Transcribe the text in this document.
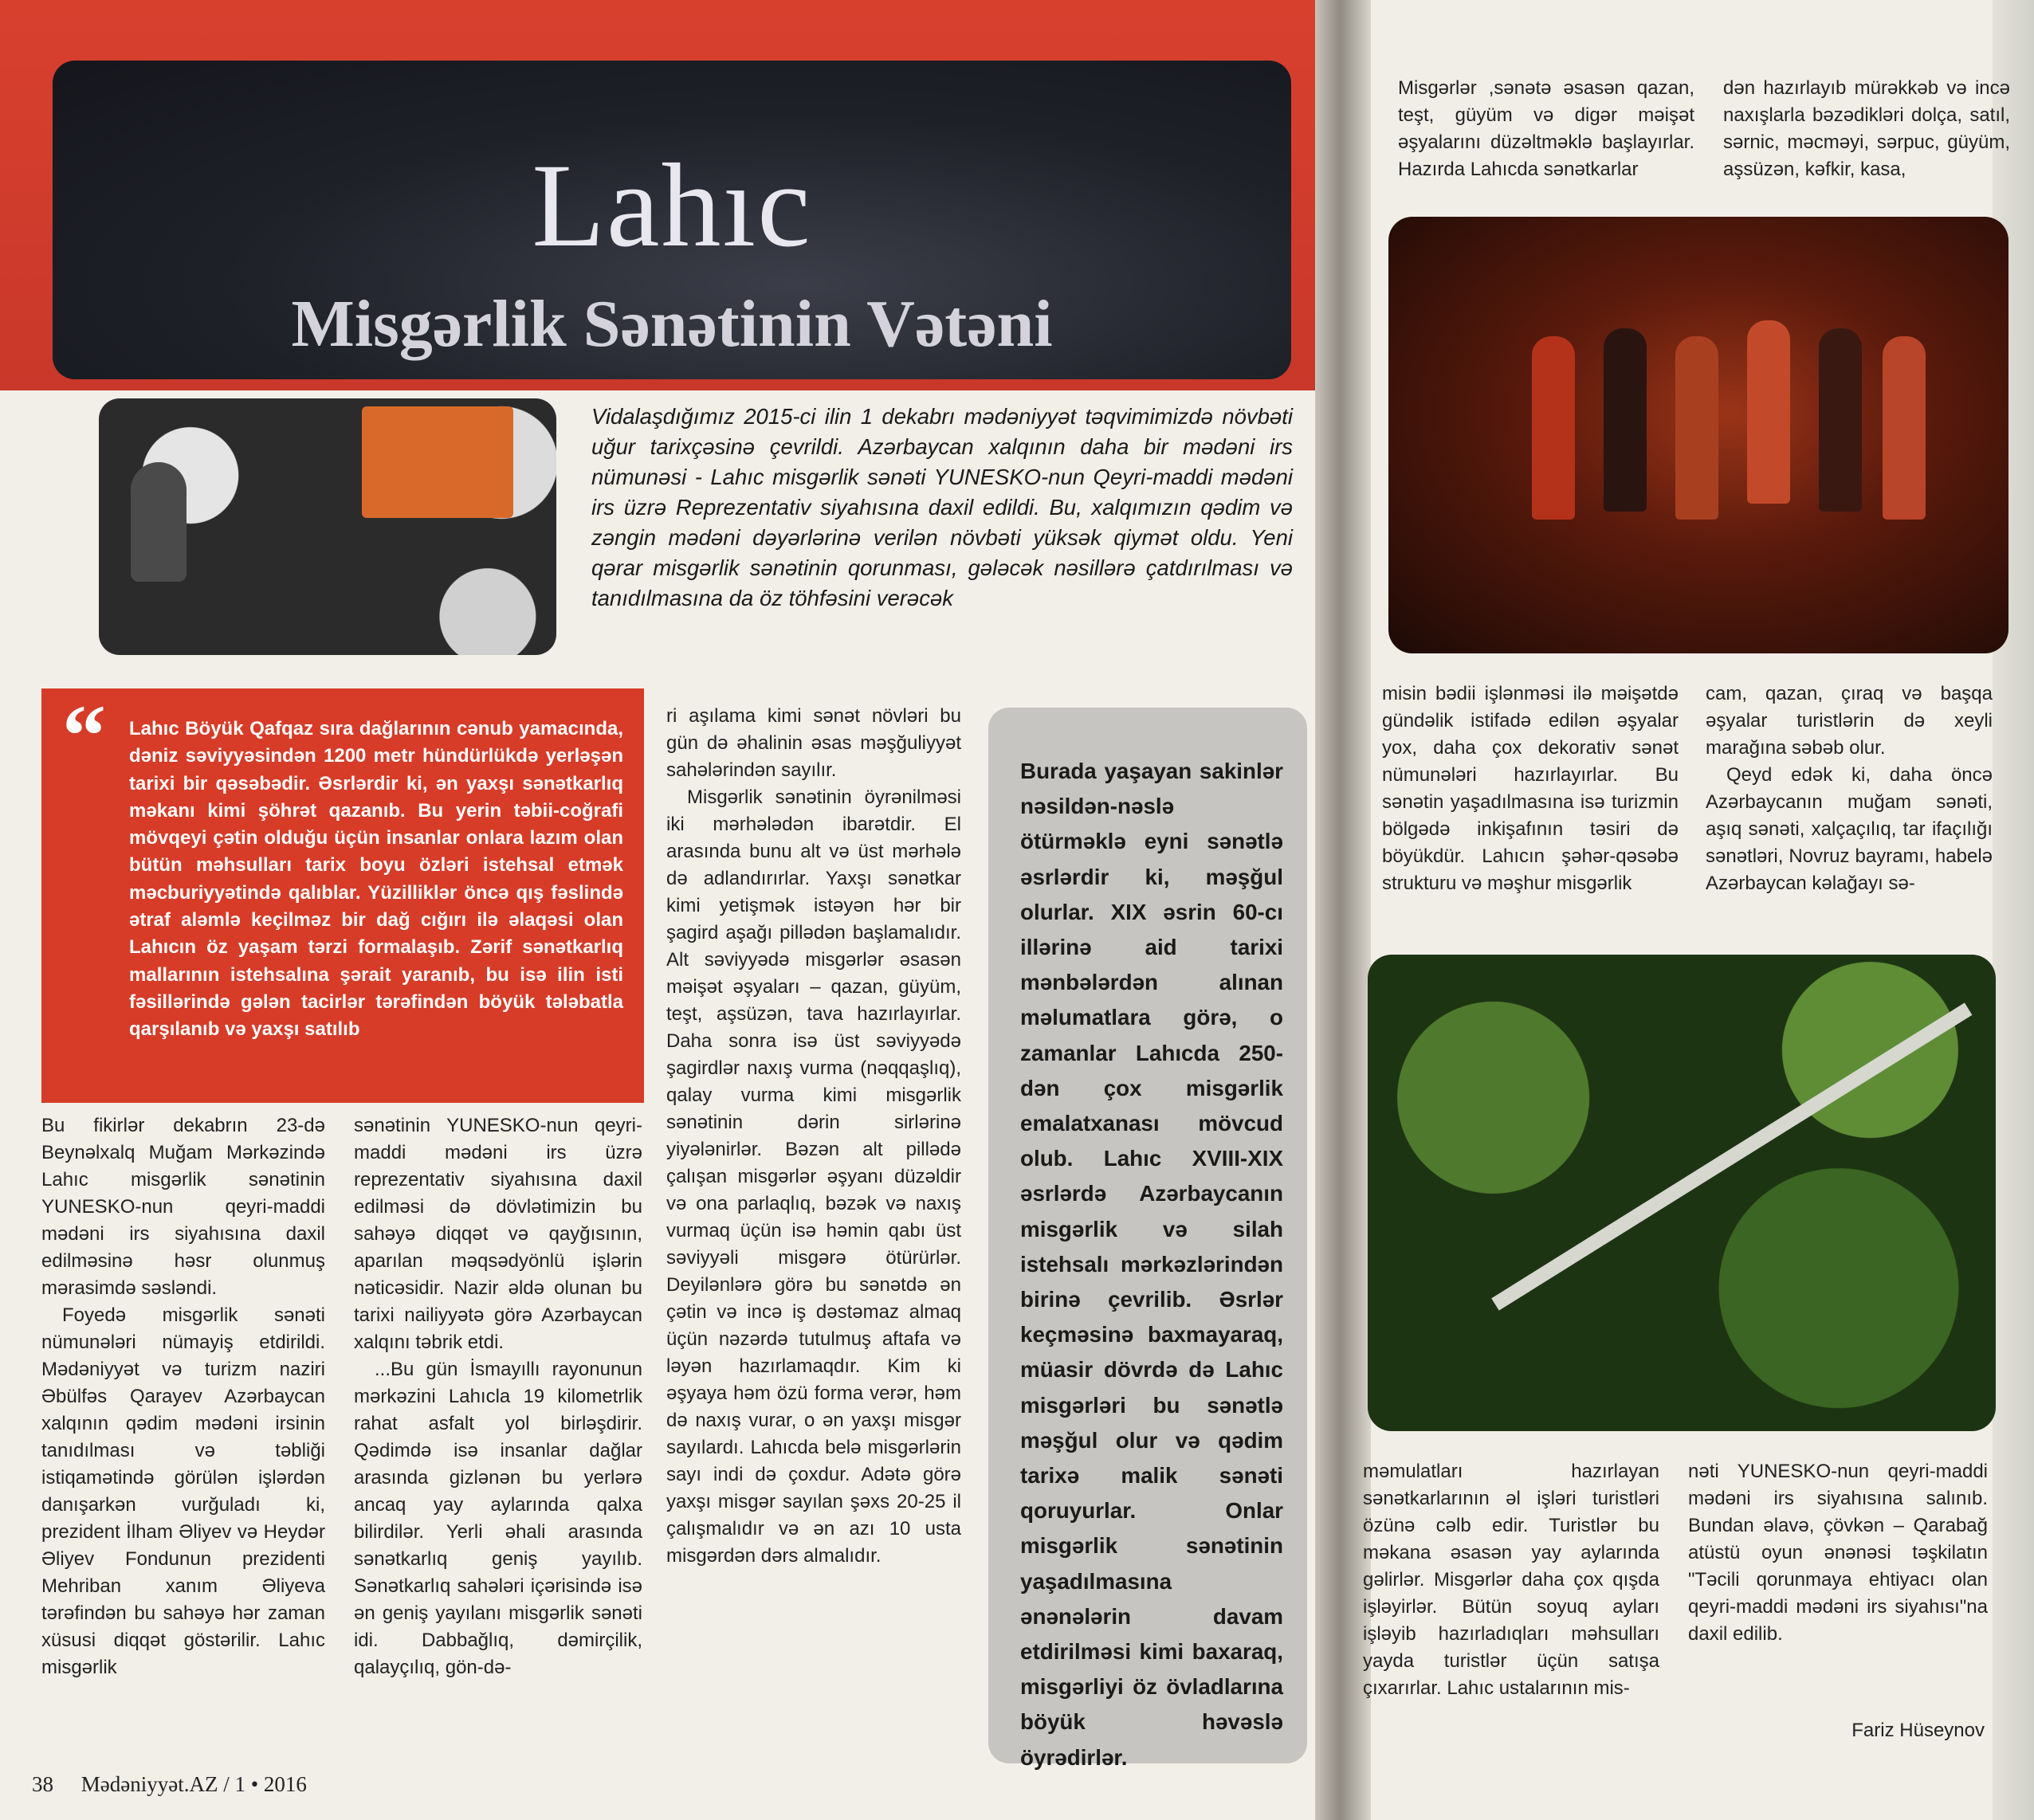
Lahıc
Misgərlik Sənətinin Vətəni

Vidalaşdığımız 2015-ci ilin 1 dekabrı mədəniyyət təqvimimizdə növbəti uğur tarixçəsinə çevrildi. Azərbaycan xalqının daha bir mədəni irs nümunəsi - Lahıc misgərlik sənəti YUNESKO-nun Qeyri-maddi mədəni irs üzrə Reprezentativ siyahısına daxil edildi. Bu, xalqımızın qədim və zəngin mədəni dəyərlərinə verilən növbəti yüksək qiymət oldu. Yeni qərar misgərlik sənətinin qorunması, gələcək nəsillərə çatdırılması və tanıdılmasına da öz töhfəsini verəcək

“ Lahıc Böyük Qafqaz sıra dağlarının cənub yamacında, dəniz səviyyəsindən 1200 metr hündürlükdə yerləşən tarixi bir qəsəbədir. Əsrlərdir ki, ən yaxşı sənətkarlıq məkanı kimi şöhrət qazanıb. Bu yerin təbii-coğrafi mövqeyi çətin olduğu üçün insanlar onlara lazım olan bütün məhsulları tarix boyu özləri istehsal etmək məcburiyyətində qalıblar. Yüzilliklər öncə qış fəslində ətraf aləmlə keçilməz bir dağ cığırı ilə əlaqəsi olan Lahıcın öz yaşam tərzi formalaşıb. Zərif sənətkarlıq mallarının istehsalına şərait yaranıb, bu isə ilin isti fəsillərində gələn tacirlər tərəfindən böyük tələbatla qarşılanıb və yaxşı satılıb

Bu fikirlər dekabrın 23-də Beynəlxalq Muğam Mərkəzində Lahıc misgərlik sənətinin YUNESKO-nun qeyri-maddi mədəni irs siyahısına daxil edilməsinə həsr olunmuş mərasimdə səsləndi.

Foyedə misgərlik sənəti nümunələri nümayiş etdirildi. Mədəniyyət və turizm naziri Əbülfəs Qarayev Azərbaycan xalqının qədim mədəni irsinin tanıdılması və təbliği istiqamətində görülən işlərdən danışarkən vurğuladı ki, prezident İlham Əliyev və Heydər Əliyev Fondunun prezidenti Mehriban xanım Əliyeva tərəfindən bu sahəyə hər zaman xüsusi diqqət göstərilir. Lahıc misgərlik

sənətinin YUNESKO-nun qeyri-maddi mədəni irs üzrə reprezentativ siyahısına daxil edilməsi də dövlətimizin bu sahəyə diqqət və qayğısının, aparılan məqsədyönlü işlərin nəticəsidir. Nazir əldə olunan bu tarixi nailiyyətə görə Azərbaycan xalqını təbrik etdi.

...Bu gün İsmayıllı rayonunun mərkəzini Lahıcla 19 kilometrlik rahat asfalt yol birləşdirir. Qədimdə isə insanlar dağlar arasında gizlənən bu yerlərə ancaq yay aylarında qalxa bilirdilər. Yerli əhali arasında sənətkarlıq geniş yayılıb. Sənətkarlıq sahələri içərisində isə ən geniş yayılanı misgərlik sənəti idi. Dabbağlıq, dəmirçilik, qalayçılıq, gön-də-

ri aşılama kimi sənət növləri bu gün də əhalinin əsas məşğuliyyət sahələrindən sayılır.

Misgərlik sənətinin öyrənilməsi iki mərhələdən ibarətdir. El arasında bunu alt və üst mərhələ də adlandırırlar. Yaxşı sənətkar kimi yetişmək istəyən hər bir şagird aşağı pillədən başlamalıdır. Alt səviyyədə misgərlər əsasən məişət əşyaları – qazan, güyüm, teşt, aşsüzən, tava hazırlayırlar. Daha sonra isə üst səviyyədə şagirdlər naxış vurma (nəqqaşlıq), qalay vurma kimi misgərlik sənətinin dərin sirlərinə yiyələnirlər. Bəzən alt pillədə çalışan misgərlər əşyanı düzəldir və ona parlaqlıq, bəzək və naxış vurmaq üçün isə həmin qabı üst səviyyəli misgərə ötürürlər. Deyilənlərə görə bu sənətdə ən çətin və incə iş dəstəmaz almaq üçün nəzərdə tutulmuş aftafa və ləyən hazırlamaqdır. Kim ki əşyaya həm özü forma verər, həm də naxış vurar, o ən yaxşı misgər sayılardı. Lahıcda belə misgərlərin sayı indi də çoxdur. Adətə görə yaxşı misgər sayılan şəxs 20-25 il çalışmalıdır və ən azı 10 usta misgərdən dərs almalıdır.

Burada yaşayan sakinlər nəsildən-nəslə ötürməklə eyni sənətlə əsrlərdir ki, məşğul olurlar. XIX əsrin 60-cı illərinə aid tarixi mənbələrdən alınan məlumatlara görə, o zamanlar Lahıcda 250-dən çox misgərlik emalatxanası mövcud olub. Lahıc XVIII-XIX əsrlərdə Azərbaycanın misgərlik və silah istehsalı mərkəzlərindən birinə çevrilib. Əsrlər keçməsinə baxmayaraq, müasir dövrdə də Lahıc misgərləri bu sənətlə məşğul olur və qədim tarixə malik sənəti qoruyurlar. Onlar misgərlik sənətinin yaşadılmasına ənənələrin davam etdirilməsi kimi baxaraq, misgərliyi öz övladlarına böyük həvəslə öyrədirlər.

Misgərlər ,sənətə əsasən qazan, teşt, güyüm və digər məişət əşyalarını düzəltməklə başlayırlar. Hazırda Lahıcda sənətkarlar

dən hazırlayıb mürəkkəb və incə naxışlarla bəzədikləri dolça, satıl, sərnic, məcməyi, sərpuc, güyüm, aşsüzən, kəfkir, kasa,

misin bədii işlənməsi ilə məişətdə gündəlik istifadə edilən əşyalar yox, daha çox dekorativ sənət nümunələri hazırlayırlar. Bu sənətin yaşadılmasına isə turizmin bölgədə inkişafının təsiri də böyükdür. Lahıcın şəhər-qəsəbə strukturu və məşhur misgərlik

cam, qazan, çıraq və başqa əşyalar turistlərin də xeyli marağına səbəb olur.

Qeyd edək ki, daha öncə Azərbaycanın muğam sənəti, aşıq sənəti, xalçaçılıq, tar ifaçılığı sənətləri, Novruz bayramı, habelə Azərbaycan kəlağayı sə-

məmulatları hazırlayan sənətkarlarının əl işləri turistləri özünə cəlb edir. Turistlər bu məkana əsasən yay aylarında gəlirlər. Misgərlər daha çox qışda işləyirlər. Bütün soyuq ayları işləyib hazırladıqları məhsulları yayda turistlər üçün satışa çıxarırlar. Lahıc ustalarının mis-

nəti YUNESKO-nun qeyri-maddi mədəni irs siyahısına salınıb. Bundan əlavə, çövkən – Qarabağ atüstü oyun ənənəsi təşkilatın "Təcili qorunmaya ehtiyacı olan qeyri-maddi mədəni irs siyahısı"na daxil edilib.

Fariz Hüseynov
38 Mədəniyyət.AZ / 1 • 2016
